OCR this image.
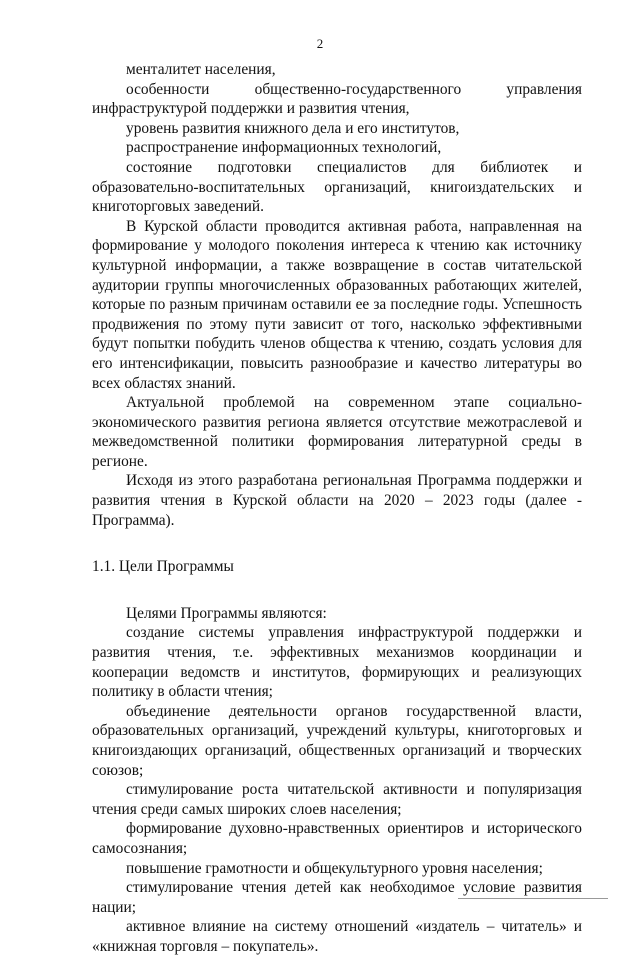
2

менталитет населения,

особенности общественно-государственного управления инфраструктурой поддержки и развития чтения,

уровень развития книжного дела и его институтов,

распространение информационных технологий,

состояние подготовки специалистов для библиотек и образовательно-воспитательных организаций, книгоиздательских и книготорговых заведений.

В Курской области проводится активная работа, направленная на формирование у молодого поколения интереса к чтению как источнику культурной информации, а также возвращение в состав читательской аудитории группы многочисленных образованных работающих жителей, которые по разным причинам оставили ее за последние годы. Успешность продвижения по этому пути зависит от того, насколько эффективными будут попытки побудить членов общества к чтению, создать условия для его интенсификации, повысить разнообразие и качество литературы во всех областях знаний.

Актуальной проблемой на современном этапе социально-экономического развития региона является отсутствие межотраслевой и межведомственной политики формирования литературной среды в регионе.

Исходя из этого разработана региональная Программа поддержки и развития чтения в Курской области на 2020 – 2023 годы (далее - Программа).

1.1. Цели Программы

Целями Программы являются:

создание системы управления инфраструктурой поддержки и развития чтения, т.е. эффективных механизмов координации и кооперации ведомств и институтов, формирующих и реализующих политику в области чтения;

объединение деятельности органов государственной власти, образовательных организаций, учреждений культуры, книготорговых и книгоиздающих организаций, общественных организаций и творческих союзов;

стимулирование роста читательской активности и популяризация чтения среди самых широких слоев населения;

формирование духовно-нравственных ориентиров и исторического самосознания;

повышение грамотности и общекультурного уровня населения;

стимулирование чтения детей как необходимое условие развития нации;

активное влияние на систему отношений «издатель – читатель» и «книжная торговля – покупатель».
